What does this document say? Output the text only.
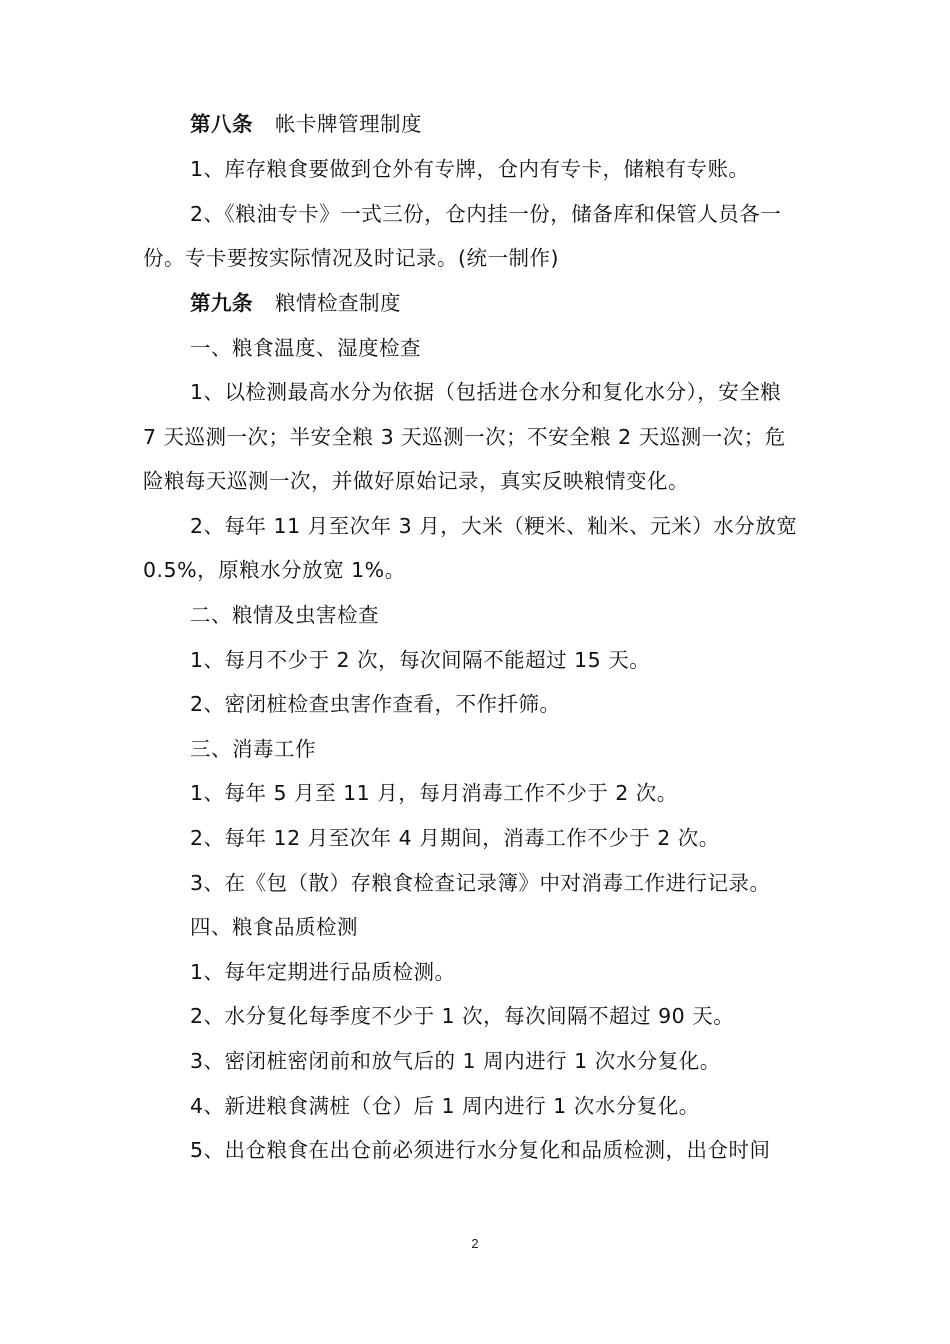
第八条 帐卡牌管理制度
1、库存粮食要做到仓外有专牌，仓内有专卡，储粮有专账。
2、《粮油专卡》一式三份，仓内挂一份，储备库和保管人员各一
份。专卡要按实际情况及时记录。(统一制作)
第九条 粮情检查制度
一、粮食温度、湿度检查
1、以检测最高水分为依据（包括进仓水分和复化水分），安全粮
7 天巡测一次；半安全粮 3 天巡测一次；不安全粮 2 天巡测一次；危
险粮每天巡测一次，并做好原始记录，真实反映粮情变化。
2、每年 11 月至次年 3 月，大米（粳米、籼米、元米）水分放宽
0.5%，原粮水分放宽 1%。
二、粮情及虫害检查
1、每月不少于 2 次，每次间隔不能超过 15 天。
2、密闭桩检查虫害作查看，不作扦筛。
三、消毒工作
1、每年 5 月至 11 月，每月消毒工作不少于 2 次。
2、每年 12 月至次年 4 月期间，消毒工作不少于 2 次。
3、在《包（散）存粮食检查记录簿》中对消毒工作进行记录。
四、粮食品质检测
1、每年定期进行品质检测。
2、水分复化每季度不少于 1 次，每次间隔不超过 90 天。
3、密闭桩密闭前和放气后的 1 周内进行 1 次水分复化。
4、新进粮食满桩（仓）后 1 周内进行 1 次水分复化。
5、出仓粮食在出仓前必须进行水分复化和品质检测，出仓时间
2
